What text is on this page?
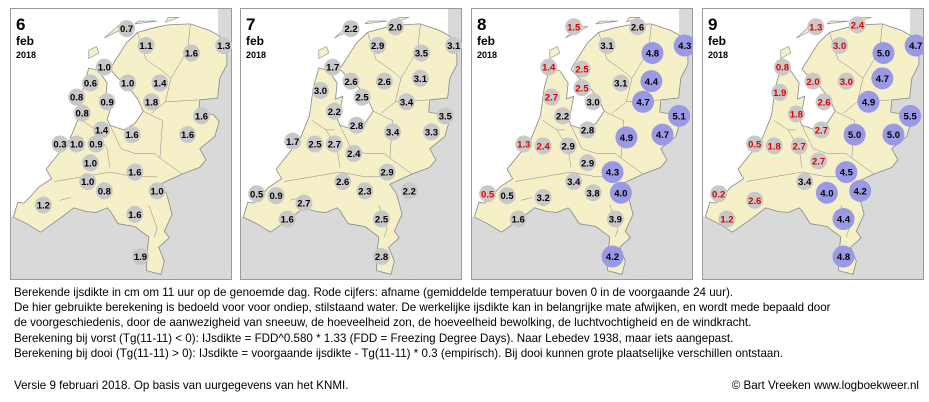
6
feb
2018
0.7
1.1
1.6
1.3
1.0
0.6	1.0 1.4
0.8 0.9	1.8
0.8	1.6
1.4 1.6	1.6
0.3 1.0 0.9
1.0
1.6
1.0
0.8	1.0
1.2
1.6
1.9
7
feb
2018
2.2	2.0
2.9
3.5
3.1
1.7
2.6 2.6 3.1
3.0
2.5	3.4
2.2	3.5
2.8
3.4	3.3
1.7 2.5 2.7
2.4
2.9
2.6
2.3	2.2
0.5 0.9
2.7
1.6	2.5
2.8
8
feb
2018
1.5	2.6
3.1
4.8
4.3
1.4 2.5
2.5	3.1 4.4
2.7	3.0	4.7
2.2	5.1
2.8
4.9 4.7
1.3 2.4 2.9
2.9
4.3
3.4
3.8 4.0
0.5 0.5 3.2
1.6	3.9
4.2
9
feb
2018
1.3	2.4
3.0
5.0
4.7
0.8
2.0 3.0 4.7
1.9
2.6	4.9
1.8	5.5
2.7 5.0	5.0
0.5 1.8 2.7
2.7
4.5
3.4
4.0 4.2
0.2
2.6
1.2	4.4
4.8
Berekende ijsdikte in cm om 11 uur op de genoemde dag. Rode cijfers: afname (gemiddelde temperatuur boven 0 in de voorgaande 24 uur).
De hier gebruikte berekening is bedoeld voor voor ondiep, stilstaand water. De werkelijke ijsdikte kan in belangrijke mate afwijken, en wordt mede bepaald door
de voorgeschiedenis, door de aanwezigheid van sneeuw, de hoeveelheid zon, de hoeveelheid bewolking, de luchtvochtigheid en de windkracht.
Berekening bij vorst (Tg(11-11) < 0): IJsdikte = FDD^0.580 * 1.33 (FDD = Freezing Degree Days). Naar Lebedev 1938, maar iets aangepast.
Berekening bij dooi (Tg(11-11) > 0): IJsdikte = voorgaande ijsdikte - Tg(11-11) * 0.3 (empirisch). Bij dooi kunnen grote plaatselijke verschillen ontstaan.
Versie 9 februari 2018. Op basis van uurgegevens van het KNMI.	© Bart Vreeken www.logboekweer.nl
